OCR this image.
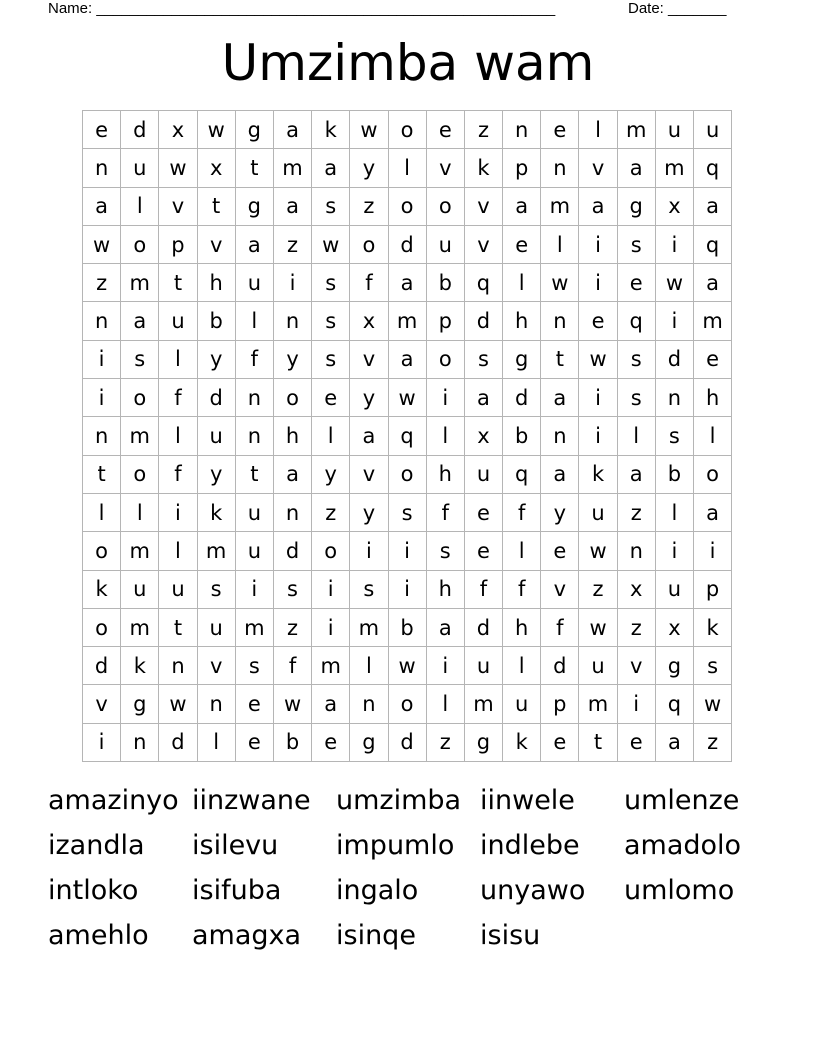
Name: _______________________________________________________	Date: _______
Umzimba wam
e	d	x	w	g	a	k	w	o	e	z	n	e	l	m	u	u
n	u	w	x	t	m	a	y	l	v	k	p	n	v	a	m	q
a	l	v	t	g	a	s	z	o	o	v	a	m	a	g	x	a
w	o	p	v	a	z	w	o	d	u	v	e	l	i	s	i	q
z	m	t	h	u	i	s	f	a	b	q	l	w	i	e	w	a
n	a	u	b	l	n	s	x	m	p	d	h	n	e	q	i	m
i	s	l	y	f	y	s	v	a	o	s	g	t	w	s	d	e
i	o	f	d	n	o	e	y	w	i	a	d	a	i	s	n	h
n	m	l	u	n	h	l	a	q	l	x	b	n	i	l	s	l
t	o	f	y	t	a	y	v	o	h	u	q	a	k	a	b	o
l	l	i	k	u	n	z	y	s	f	e	f	y	u	z	l	a
o	m	l	m	u	d	o	i	i	s	e	l	e	w	n	i	i
k	u	u	s	i	s	i	s	i	h	f	f	v	z	x	u	p
o	m	t	u	m	z	i	m	b	a	d	h	f	w	z	x	k
d	k	n	v	s	f	m	l	w	i	u	l	d	u	v	g	s
v	g	w	n	e	w	a	n	o	l	m	u	p	m	i	q	w
i	n	d	l	e	b	e	g	d	z	g	k	e	t	e	a	z
amazinyo iinzwane umzimba iinwele	umlenze
izandla	isilevu	impumlo indlebe	amadolo
intloko	isifuba	ingalo	unyawo	umlomo
amehlo	amagxa	isinqe	isisu
